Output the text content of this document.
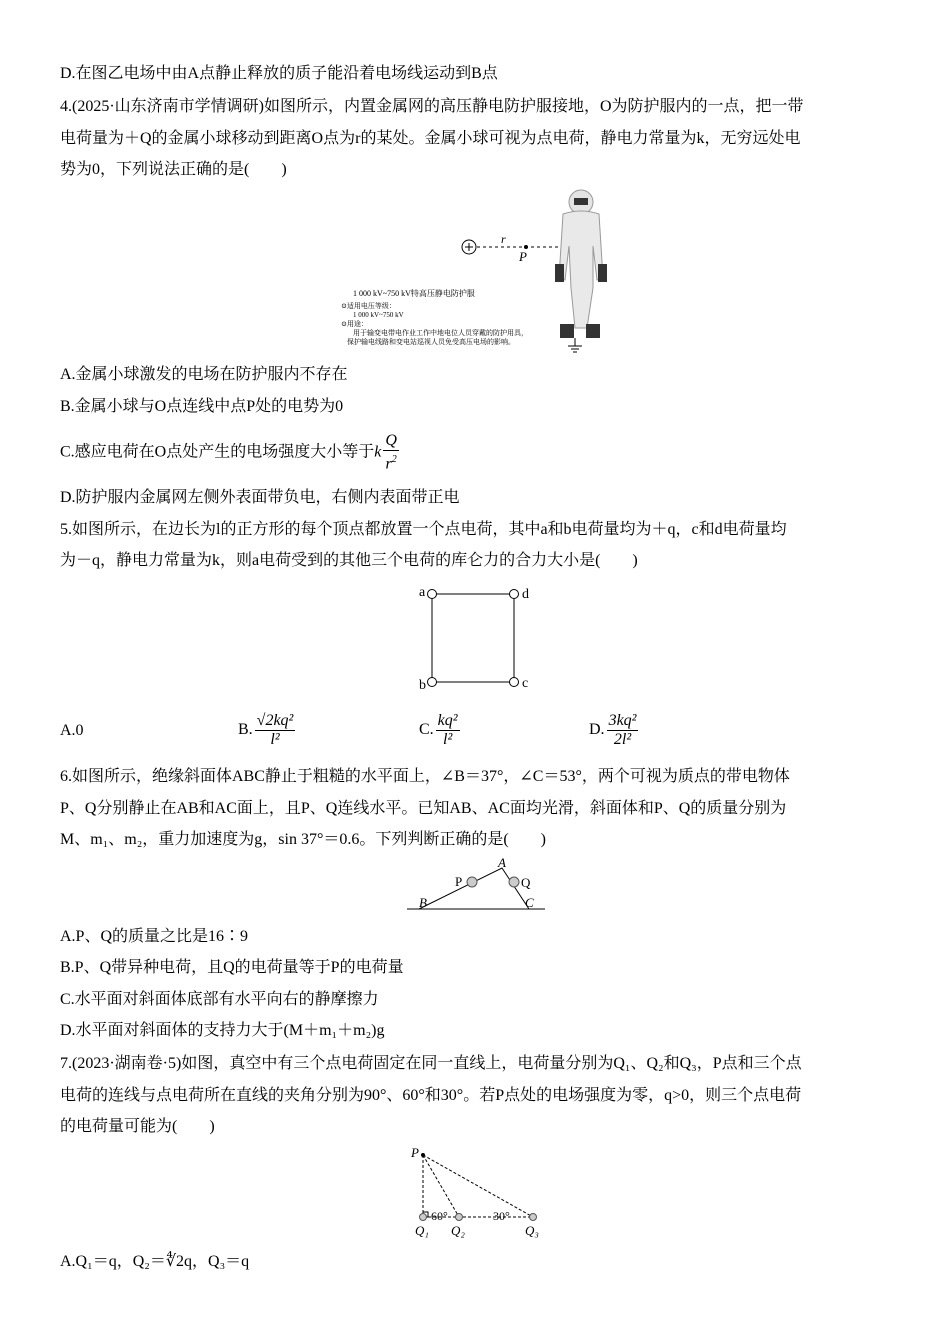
D.在图乙电场中由A点静止释放的质子能沿着电场线运动到B点
4.(2025·山东济南市学情调研)如图所示，内置金属网的高压静电防护服接地，O为防护服内的一点，把一带
电荷量为＋Q的金属小球移动到距离O点为r的某处。金属小球可视为点电荷，静电力常量为k，无穷远处电
势为0，下列说法正确的是(　　)
r
P
1 000 kV~750 kV特高压静电防护服
⊙适用电压等级：
1 000 kV~750 kV
⊙用途：
用于输变电带电作业工作中地电位人员穿戴的防护用具，
保护输电线路和变电站巡视人员免受高压电场的影响。
A.金属小球激发的电场在防护服内不存在
B.金属小球与O点连线中点P处的电势为0
C.感应电荷在O点处产生的电场强度大小等于k $\frac{Q}{r^2}$
D.防护服内金属网左侧外表面带负电，右侧内表面带正电
5.如图所示，在边长为l的正方形的每个顶点都放置一个点电荷，其中a和b电荷量均为＋q，c和d电荷量均
为－q，静电力常量为k，则a电荷受到的其他三个电荷的库仑力的合力大小是(　　)
a	d
b	c
A.0	B. $\frac{\text{√2kq²}}{\text{l²}}$	C. $\frac{\text{kq²}}{\text{l²}}$	D. $\frac{\text{3kq²}}{\text{2l²}}$
6.如图所示，绝缘斜面体ABC静止于粗糙的水平面上，∠B＝37°，∠C＝53°，两个可视为质点的带电物体
P、Q分别静止在AB和AC面上，且P、Q连线水平。已知AB、AC面均光滑，斜面体和P、Q的质量分别为
M、m₁、m₂，重力加速度为g，sin 37°＝0.6。下列判断正确的是(　　)
A
B	C
P	Q
A.P、Q的质量之比是16∶9
B.P、Q带异种电荷，且Q的电荷量等于P的电荷量
C.水平面对斜面体底部有水平向右的静摩擦力
D.水平面对斜面体的支持力大于(M＋m₁＋m₂)g
7.(2023·湖南卷·5)如图，真空中有三个点电荷固定在同一直线上，电荷量分别为Q₁、Q₂和Q₃，P点和三个点
电荷的连线与点电荷所在直线的夹角分别为90°、60°和30°。若P点处的电场强度为零，q>0，则三个点电荷
的电荷量可能为(　　)
P
60°	30°
Q₁ Q₂	Q₃
A.Q₁＝q，Q₂＝∜2q，Q₃＝q
